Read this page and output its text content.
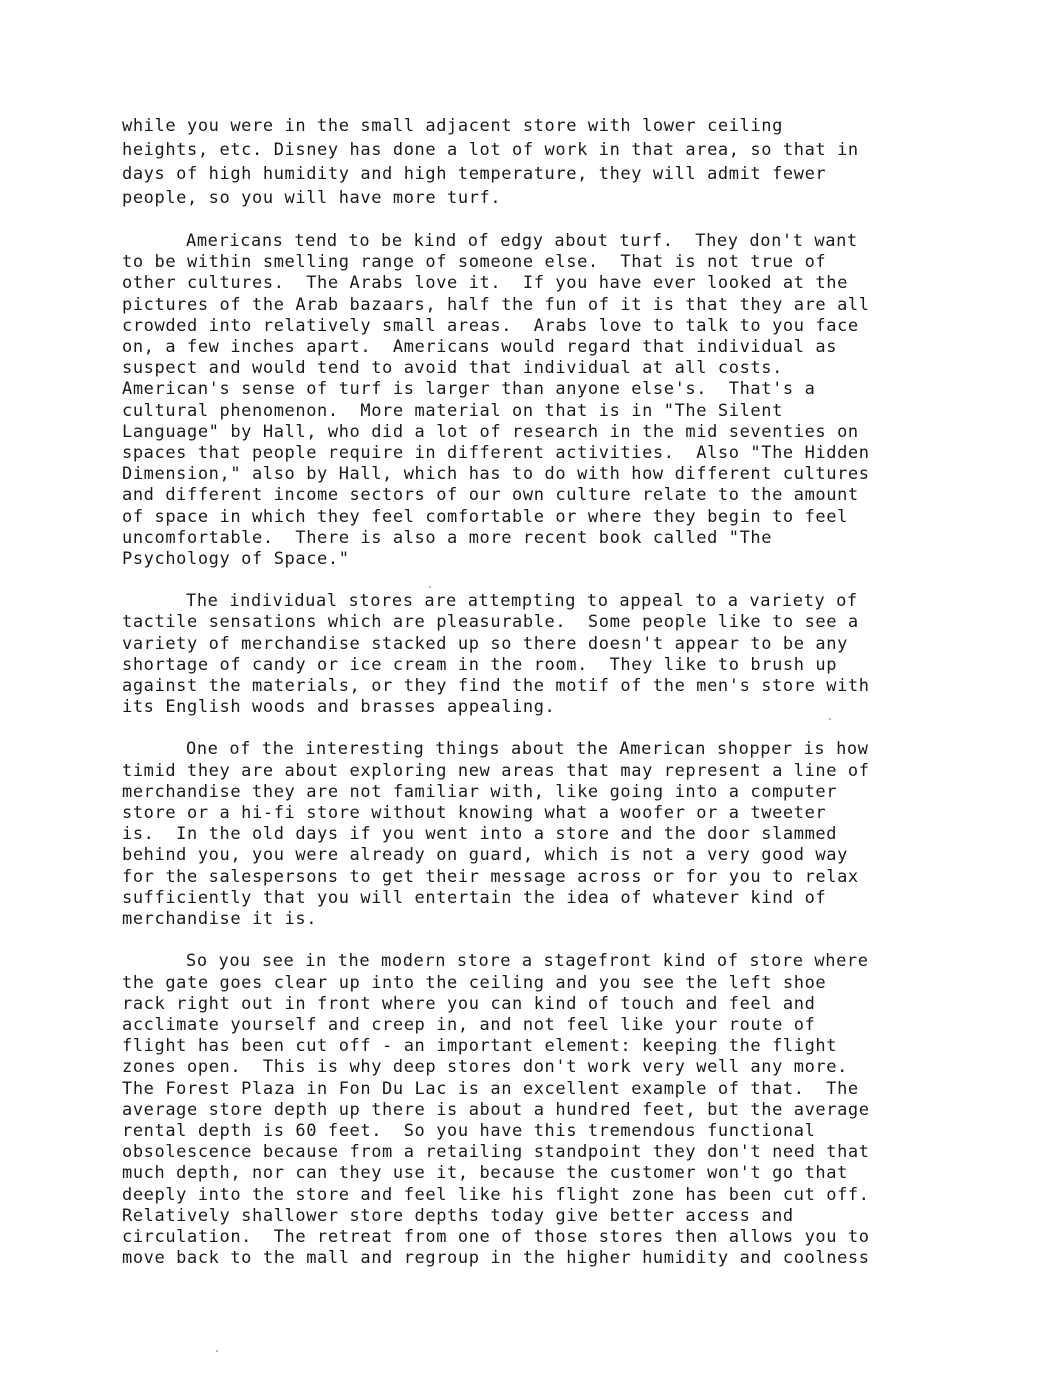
while you were in the small adjacent store with lower ceiling
heights, etc. Disney has done a lot of work in that area, so that in
days of high humidity and high temperature, they will admit fewer
people, so you will have more turf.
Americans tend to be kind of edgy about turf.  They don't want
to be within smelling range of someone else.  That is not true of
other cultures.  The Arabs love it.  If you have ever looked at the
pictures of the Arab bazaars, half the fun of it is that they are all
crowded into relatively small areas.  Arabs love to talk to you face
on, a few inches apart.  Americans would regard that individual as
suspect and would tend to avoid that individual at all costs.
American's sense of turf is larger than anyone else's.  That's a
cultural phenomenon.  More material on that is in "The Silent
Language" by Hall, who did a lot of research in the mid seventies on
spaces that people require in different activities.  Also "The Hidden
Dimension," also by Hall, which has to do with how different cultures
and different income sectors of our own culture relate to the amount
of space in which they feel comfortable or where they begin to feel
uncomfortable.  There is also a more recent book called "The
Psychology of Space."
The individual stores are attempting to appeal to a variety of
tactile sensations which are pleasurable.  Some people like to see a
variety of merchandise stacked up so there doesn't appear to be any
shortage of candy or ice cream in the room.  They like to brush up
against the materials, or they find the motif of the men's store with
its English woods and brasses appealing.
One of the interesting things about the American shopper is how
timid they are about exploring new areas that may represent a line of
merchandise they are not familiar with, like going into a computer
store or a hi-fi store without knowing what a woofer or a tweeter
is.  In the old days if you went into a store and the door slammed
behind you, you were already on guard, which is not a very good way
for the salespersons to get their message across or for you to relax
sufficiently that you will entertain the idea of whatever kind of
merchandise it is.
So you see in the modern store a stagefront kind of store where
the gate goes clear up into the ceiling and you see the left shoe
rack right out in front where you can kind of touch and feel and
acclimate yourself and creep in, and not feel like your route of
flight has been cut off - an important element: keeping the flight
zones open.  This is why deep stores don't work very well any more.
The Forest Plaza in Fon Du Lac is an excellent example of that.  The
average store depth up there is about a hundred feet, but the average
rental depth is 60 feet.  So you have this tremendous functional
obsolescence because from a retailing standpoint they don't need that
much depth, nor can they use it, because the customer won't go that
deeply into the store and feel like his flight zone has been cut off.
Relatively shallower store depths today give better access and
circulation.  The retreat from one of those stores then allows you to
move back to the mall and regroup in the higher humidity and coolness
